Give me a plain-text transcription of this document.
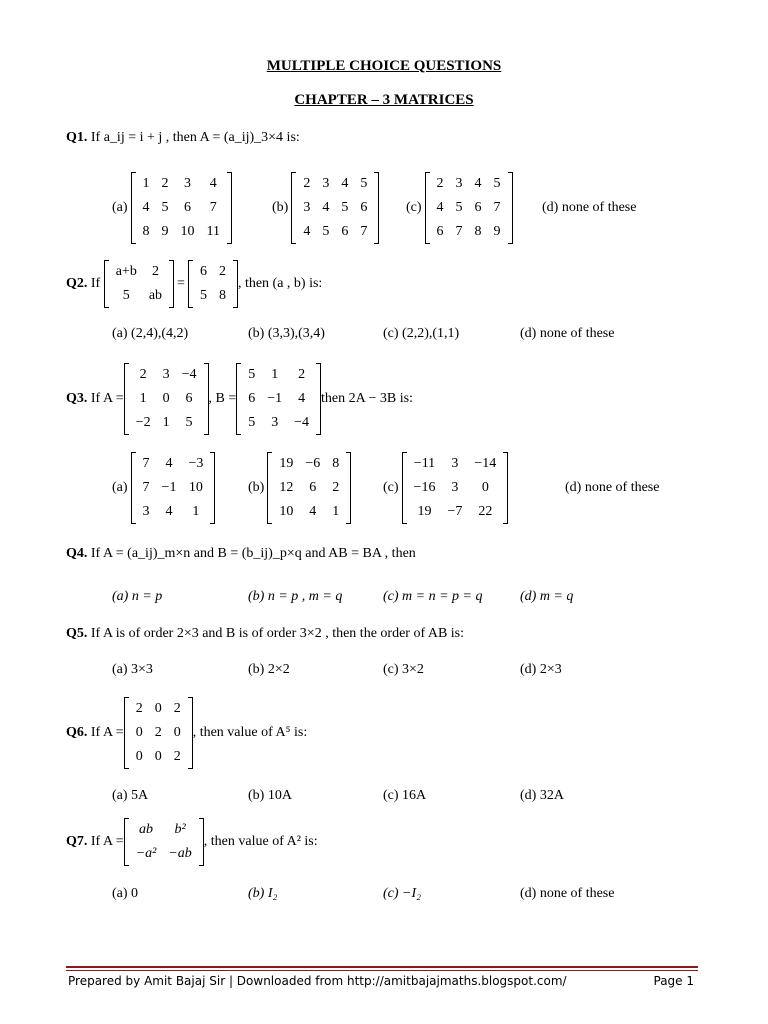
MULTIPLE CHOICE QUESTIONS
CHAPTER – 3 MATRICES
Q1. If a_ij = i + j , then A = (a_ij)_3×4 is:
(a)
1	2	3	4
4	5	6	7
8	9	10	11
(b)
2	3	4	5
3	4	5	6
4	5	6	7
(c)
2	3	4	5
4	5	6	7
6	7	8	9
(d) none of these
Q2.
If

a+b	2
5	ab
=
6	2
5	8
, then (a , b) is:
(a) (2,4),(4,2)	(b) (3,3),(3,4)	(c) (2,2),(1,1)	(d) none of these
Q3.
If A =
2	3	−4
1	0	6
−2	1	5
, B =
5	1	2
6	−1	4
5	3	−4
then 2A − 3B is:
(a)
7	4	−3
7	−1	10
3	4	1
(b)
19	−6	8
12	6	2
10	4	1
(c)
−11	3	−14
−16	3	0
19	−7	22
(d) none of these
Q4. If A = (a_ij)_m×n and B = (b_ij)_p×q and AB = BA , then
(a) n = p	(b) n = p , m = q	(c) m = n = p = q	(d) m = q
Q5. If A is of order 2×3 and B is of order 3×2 , then the order of AB is:
(a) 3×3	(b) 2×2	(c) 3×2	(d) 2×3
Q6.
If A =
2	0	2
0	2	0
0	0	2
, then value of A⁵ is:
(a) 5A	(b) 10A	(c) 16A	(d) 32A
Q7.
If A =
ab	b²
−a²	−ab
, then value of A² is:
(a) 0	(b) I₂	(c) −I₂	(d) none of these
Prepared by Amit Bajaj Sir | Downloaded from http://amitbajajmaths.blogspot.com/	Page 1
